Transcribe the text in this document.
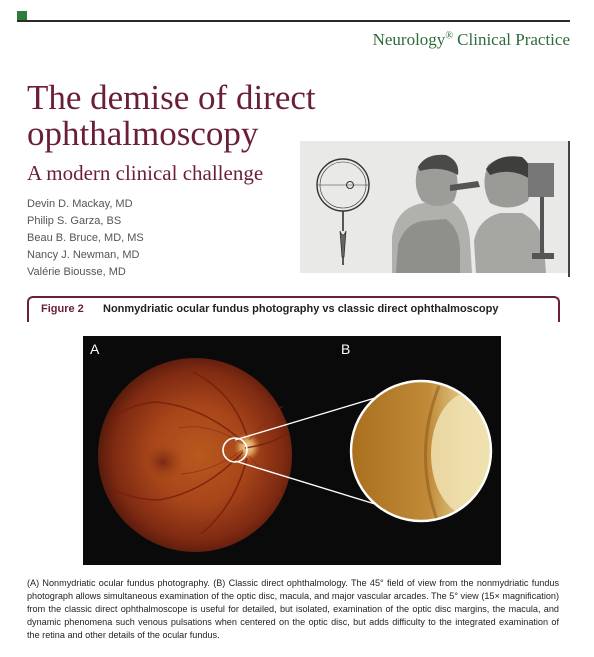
Neurology® Clinical Practice
The demise of direct ophthalmoscopy
A modern clinical challenge
Devin D. Mackay, MD
Philip S. Garza, BS
Beau B. Bruce, MD, MS
Nancy J. Newman, MD
Valérie Biousse, MD
Figure 2 Nonmydriatic ocular fundus photography vs classic direct ophthalmoscopy
A	B

(A) Nonmydriatic ocular fundus photography. (B) Classic direct ophthalmology. The 45° field of view from the nonmydriatic fundus photograph allows simultaneous examination of the optic disc, macula, and major vascular arcades. The 5° view (15× magnification) from the classic direct ophthalmoscope is useful for detailed, but isolated, examination of the optic disc margins, the macula, and dynamic phenomena such venous pulsations when centered on the optic disc, but adds difficulty to the integrated examination of the retina and other details of the ocular fundus.
